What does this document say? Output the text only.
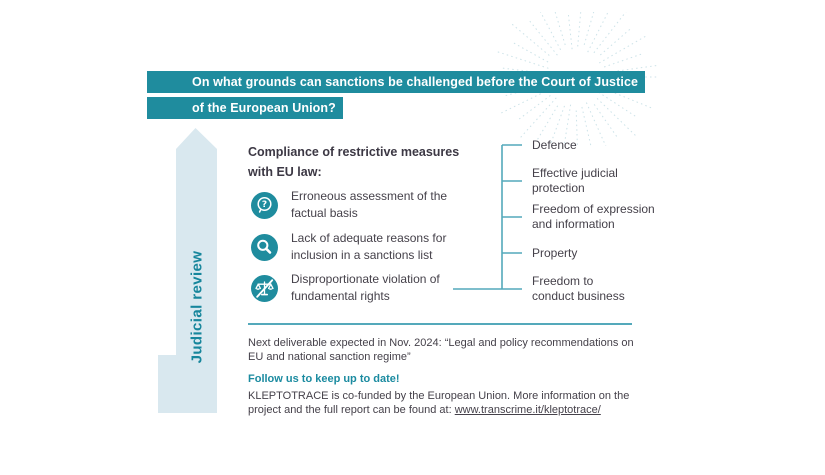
On what grounds can sanctions be challenged before the Court of Justice
of the European Union?
Judicial review
Compliance of restrictive measures
with EU law:
?
Erroneous assessment of the
factual basis
Lack of adequate reasons for
inclusion in a sanctions list
Disproportionate violation of
fundamental rights
Defence
Effective judicial
protection
Freedom of expression
and information
Property
Freedom to
conduct business
Next deliverable expected in Nov. 2024: “Legal and policy recommendations on
EU and national sanction regime”
Follow us to keep up to date!
KLEPTOTRACE is co-funded by the European Union. More information on the
project and the full report can be found at: www.transcrime.it/kleptotrace/
